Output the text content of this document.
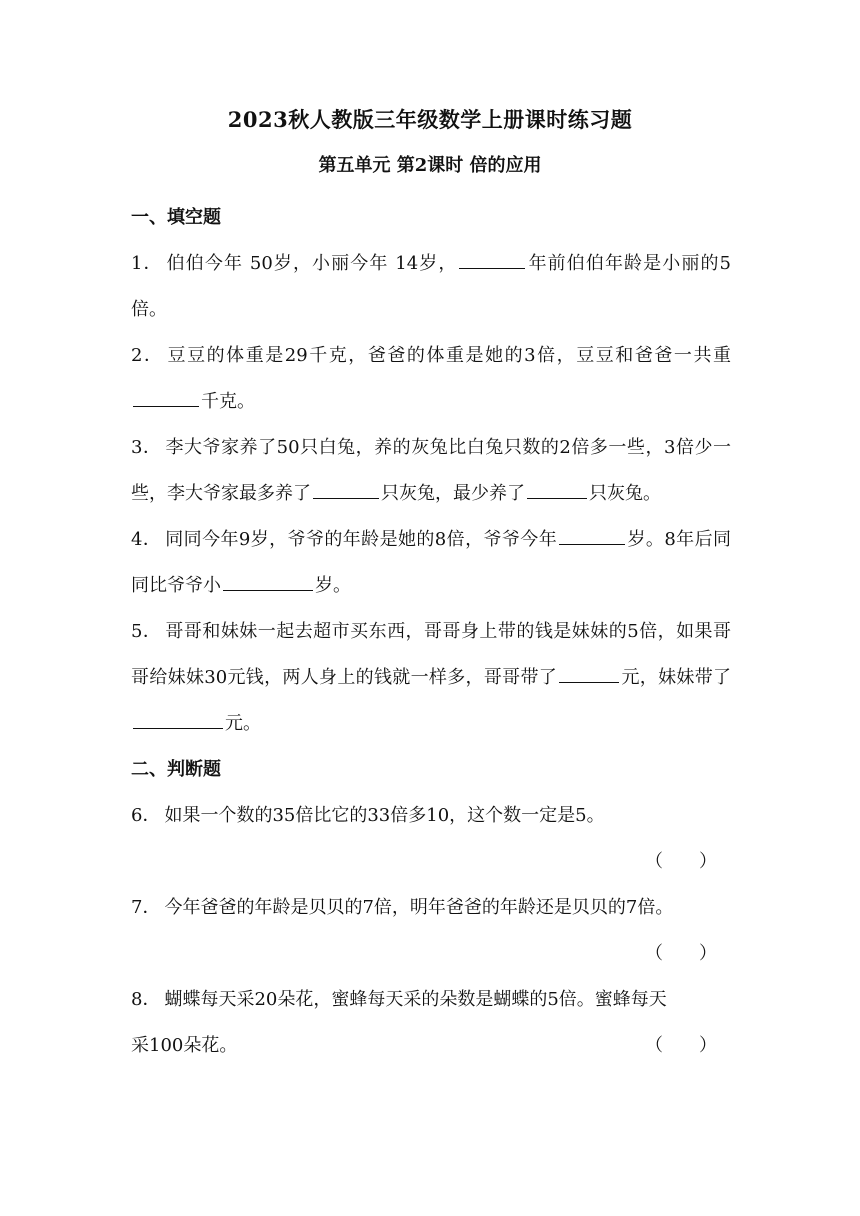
2023秋人教版三年级数学上册课时练习题
第五单元 第2课时 倍的应用
一、填空题
1． 伯伯今年 50岁，小丽今年 14岁，	年前伯伯年龄是小丽的5倍。
2． 豆豆的体重是29千克，爸爸的体重是她的3倍，豆豆和爸爸一共重千克。
3． 李大爷家养了50只白兔，养的灰兔比白兔只数的2倍多一些，3倍少一些，李大爷家最多养了	只灰兔，最少养了	只灰兔。
4． 同同今年9岁，爷爷的年龄是她的8倍，爷爷今年	岁。8年后同同比爷爷小	岁。
5． 哥哥和妹妹一起去超市买东西，哥哥身上带的钱是妹妹的5倍，如果哥哥给妹妹30元钱，两人身上的钱就一样多，哥哥带了	元，妹妹带了元。
二、判断题
6． 如果一个数的35倍比它的33倍多10，这个数一定是5。
（　　）
7． 今年爸爸的年龄是贝贝的7倍，明年爸爸的年龄还是贝贝的7倍。
（　　）
8． 蝴蝶每天采20朵花，蜜蜂每天采的朵数是蝴蝶的5倍。蜜蜂每天
采100朵花。	（　　）
